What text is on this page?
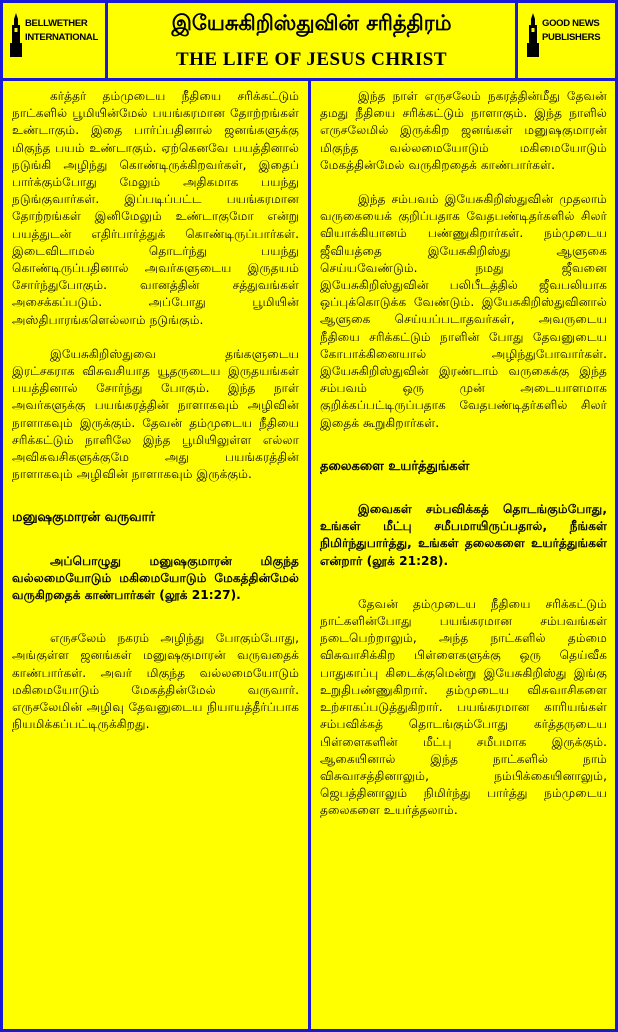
BELLWETHER
INTERNATIONAL
இயேசுகிறிஸ்துவின் சரித்திரம்
THE LIFE OF JESUS CHRIST
GOOD NEWS
PUBLISHERS

கர்த்தர் தம்முடைய நீதியை சரிக்கட்டும் நாட்களில் பூமியின்மேல் பயங்கரமான தோற்றங்கள் உண்டாகும். இதை பார்ப்பதினால் ஜனங்களுக்கு மிகுந்த பயம் உண்டாகும். ஏற்கெனவே பயத்தினால் நடுங்கி அழிந்து கொண்டிருக்கிறவர்கள், இதைப் பார்க்கும்போது மேலும் அதிகமாக பயந்து நடுங்குவார்கள். இப்படிப்பட்ட பயங்கரமான தோற்றங்கள் இனிமேலும் உண்டாகுமோ என்று பயத்துடன் எதிர்பார்த்துக் கொண்டிருப்பார்கள். இடைவிடாமல் தொடர்ந்து பயந்து கொண்டிருப்பதினால் அவர்களுடைய இருதயம் சோர்ந்துபோகும். வானத்தின் சத்துவங்கள் அசைக்கப்படும். அப்போது பூமியின் அஸ்திபாரங்களெல்லாம் நடுங்கும்.

இயேசுகிறிஸ்துவை தங்களுடைய இரட்சகராக விசுவசியாத யூதருடைய இருதயங்கள் பயத்தினால் சோர்ந்து போகும். இந்த நாள் அவர்களுக்கு பயங்கரத்தின் நாளாகவும் அழிவின் நாளாகவும் இருக்கும். தேவன் தம்முடைய நீதியை சரிக்கட்டும் நாளிலே இந்த பூமியிலுள்ள எல்லா அவிசுவசிகளுக்குமே அது பயங்கரத்தின் நாளாகவும் அழிவின் நாளாகவும் இருக்கும்.

மனுஷகுமாரன் வருவார்

அப்பொழுது மனுஷகுமாரன் மிகுந்த வல்லமையோடும் மகிமையோடும் மேகத்தின்மேல் வருகிறதைக் காண்பார்கள் (லூக் 21:27).

எருசலேம் நகரம் அழிந்து போகும்போது, அங்குள்ள ஜனங்கள் மனுஷகுமாரன் வருவதைக் காண்பார்கள். அவர் மிகுந்த வல்லமையோடும் மகிமையோடும் மேகத்தின்மேல் வருவார். எருசலேமின் அழிவு தேவனுடைய நியாயத்தீர்ப்பாக நியமிக்கப்பட்டிருக்கிறது.

இந்த நாள் எருசலேம் நகரத்தின்மீது தேவன் தமது நீதியை சரிக்கட்டும் நாளாகும். இந்த நாளில் எருசலேமில் இருக்கிற ஜனங்கள் மனுஷகுமாரன் மிகுந்த வல்லமையோடும் மகிமையோடும் மேகத்தின்மேல் வருகிறதைக் காண்பார்கள்.

இந்த சம்பவம் இயேசுகிறிஸ்துவின் முதலாம் வருகையைக் குறிப்பதாக வேதபண்டிதர்களில் சிலர் வியாக்கியானம் பண்ணுகிறார்கள். நம்முடைய ஜீவியத்தை இயேசுகிறிஸ்து ஆளுகை செய்யவேண்டும். நமது ஜீவனை இயேசுகிறிஸ்துவின் பலிபீடத்தில் ஜீவபலியாக ஒப்புக்கொடுக்க வேண்டும். இயேசுகிறிஸ்துவினால் ஆளுகை செய்யப்படாதவர்கள், அவருடைய நீதியை சரிக்கட்டும் நாளின் போது தேவனுடைய கோபாக்கினையால் அழிந்துபோவார்கள். இயேசுகிறிஸ்துவின் இரண்டாம் வருகைக்கு இந்த சம்பவம் ஒரு முன் அடையாளமாக குறிக்கப்பட்டிருப்பதாக வேதபண்டிதர்களில் சிலர் இதைக் கூறுகிறார்கள்.

தலைகளை உயர்த்துங்கள்

இவைகள் சம்பவிக்கத் தொடங்கும்போது, உங்கள் மீட்பு சமீபமாயிருப்பதால், நீங்கள் நிமிர்ந்துபார்த்து, உங்கள் தலைகளை உயர்த்துங்கள் என்றார் (லூக் 21:28).

தேவன் தம்முடைய நீதியை சரிக்கட்டும் நாட்களின்போது பயங்கரமான சம்பவங்கள் நடைபெற்றாலும், அந்த நாட்களில் தம்மை விசுவாசிக்கிற பிள்ளைகளுக்கு ஒரு தெய்வீக பாதுகாப்பு கிடைக்குமென்று இயேசுகிறிஸ்து இங்கு உறுதிபண்ணுகிறார். தம்முடைய விசுவாசிகளை உற்சாகப்படுத்துகிறார். பயங்கரமான காரியங்கள் சம்பவிக்கத் தொடங்கும்போது கர்த்தருடைய பிள்ளைகளின் மீட்பு சமீபமாக இருக்கும். ஆகையினால் இந்த நாட்களில் நாம் விசுவாசத்தினாலும், நம்பிக்கையினாலும், ஜெபத்தினாலும் நிமிர்ந்து பார்த்து நம்முடைய தலைகளை உயர்த்தலாம்.
